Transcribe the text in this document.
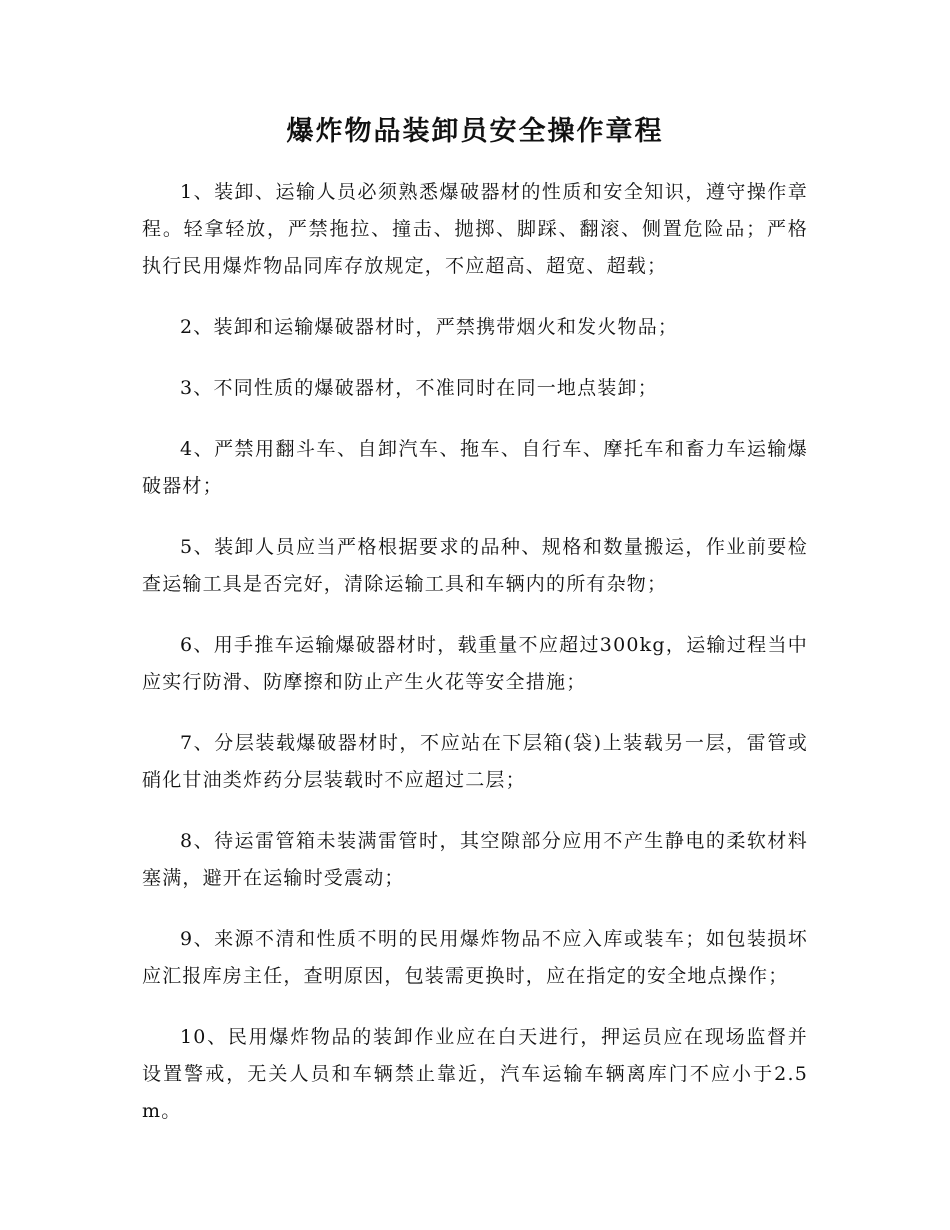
爆炸物品装卸员安全操作章程

1、装卸、运输人员必须熟悉爆破器材的性质和安全知识，遵守操作章程。轻拿轻放，严禁拖拉、撞击、抛掷、脚踩、翻滚、侧置危险品；严格执行民用爆炸物品同库存放规定，不应超高、超宽、超载；

2、装卸和运输爆破器材时，严禁携带烟火和发火物品；

3、不同性质的爆破器材，不准同时在同一地点装卸；

4、严禁用翻斗车、自卸汽车、拖车、自行车、摩托车和畜力车运输爆破器材；

5、装卸人员应当严格根据要求的品种、规格和数量搬运，作业前要检查运输工具是否完好，清除运输工具和车辆内的所有杂物；

6、用手推车运输爆破器材时，载重量不应超过300kg，运输过程当中应实行防滑、防摩擦和防止产生火花等安全措施；

7、分层装载爆破器材时，不应站在下层箱(袋)上装载另一层，雷管或硝化甘油类炸药分层装载时不应超过二层；

8、待运雷管箱未装满雷管时，其空隙部分应用不产生静电的柔软材料塞满，避开在运输时受震动；

9、来源不清和性质不明的民用爆炸物品不应入库或装车；如包装损坏应汇报库房主任，查明原因，包装需更换时，应在指定的安全地点操作；

10、民用爆炸物品的装卸作业应在白天进行，押运员应在现场监督并设置警戒，无关人员和车辆禁止靠近，汽车运输车辆离库门不应小于2.5m。
